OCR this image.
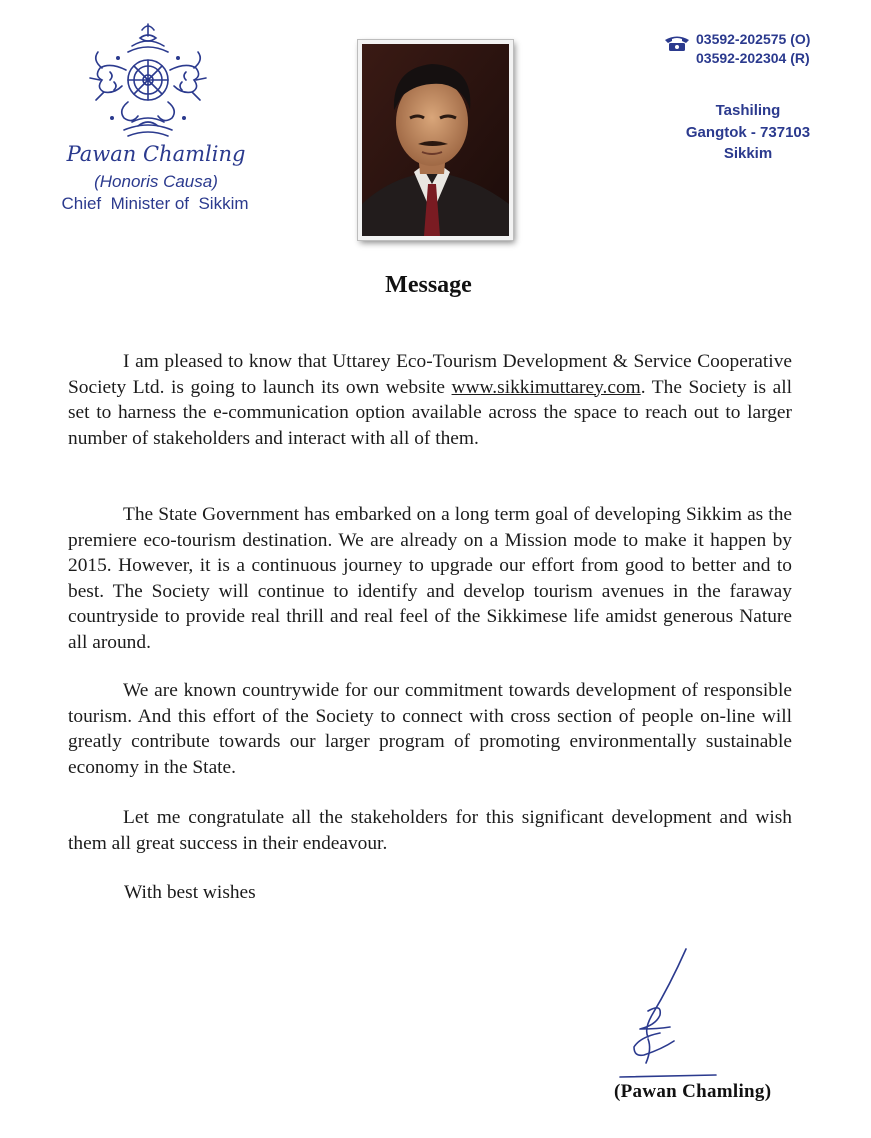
Pawan Chamling
(Honoris Causa)
Chief  Minister of  Sikkim
03592-202575 (O)
03592-202304 (R)
Tashiling
Gangtok - 737103
Sikkim
Message
I am pleased to know that Uttarey Eco-Tourism Development & Service Cooperative Society Ltd. is going to launch its own website www.sikkimuttarey.com. The Society is all set to harness the e-communication option available across the space to reach out to larger number of stakeholders and interact with all of them.
The State Government has embarked on a long term goal of developing Sikkim as the premiere eco-tourism destination. We are already on a Mission mode to make it happen by 2015. However, it is a continuous journey to upgrade our effort from good to better and to best. The Society will continue to identify and develop tourism avenues in the faraway countryside to provide real thrill and real feel of the Sikkimese life amidst generous Nature all around.
We are known countrywide for our commitment towards development of responsible tourism. And this effort of the Society to connect with cross section of people on-line will greatly contribute towards our larger program of promoting environmentally sustainable economy in the State.
Let me congratulate all the stakeholders for this significant development and wish them all great success in their endeavour.
With best wishes
(Pawan Chamling)
